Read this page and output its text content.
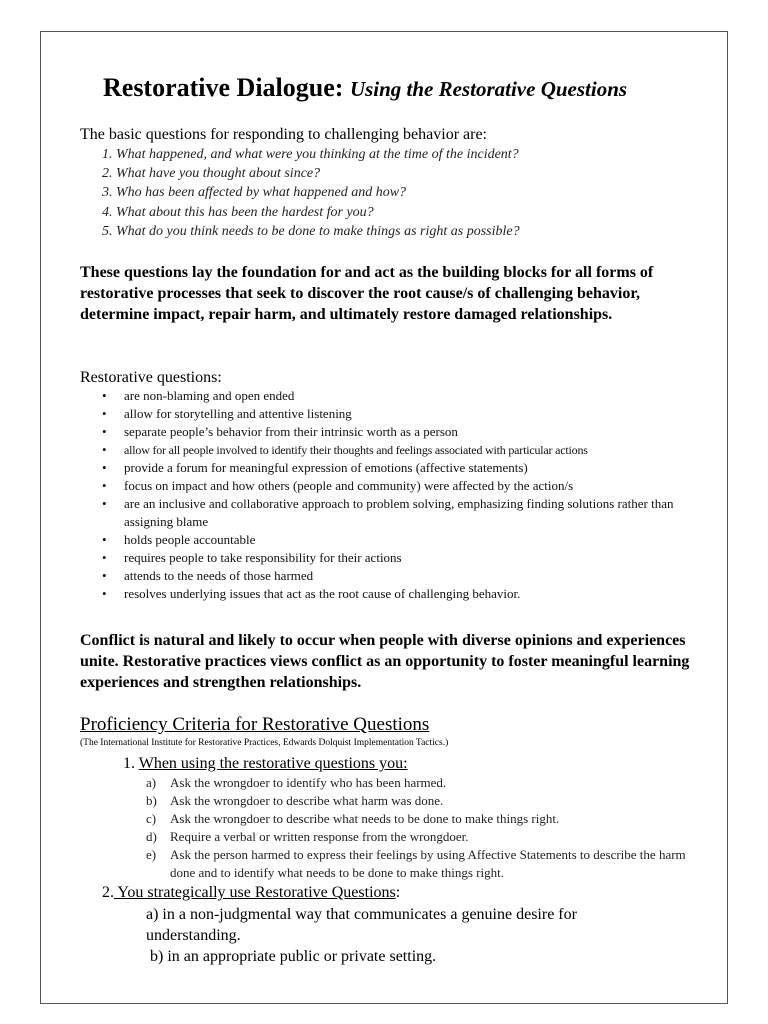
Restorative Dialogue: Using the Restorative Questions
The basic questions for responding to challenging behavior are:
1. What happened, and what were you thinking at the time of the incident?
2. What have you thought about since?
3. Who has been affected by what happened and how?
4. What about this has been the hardest for you?
5. What do you think needs to be done to make things as right as possible?
These questions lay the foundation for and act as the building blocks for all forms of restorative processes that seek to discover the root cause/s of challenging behavior, determine impact, repair harm, and ultimately restore damaged relationships.
Restorative questions:
• are non-blaming and open ended
• allow for storytelling and attentive listening
• separate people’s behavior from their intrinsic worth as a person
• allow for all people involved to identify their thoughts and feelings associated with particular actions
• provide a forum for meaningful expression of emotions (affective statements)
• focus on impact and how others (people and community) were affected by the action/s
• are an inclusive and collaborative approach to problem solving, emphasizing finding solutions rather than assigning blame
• holds people accountable
• requires people to take responsibility for their actions
• attends to the needs of those harmed
• resolves underlying issues that act as the root cause of challenging behavior.
Conflict is natural and likely to occur when people with diverse opinions and experiences unite. Restorative practices views conflict as an opportunity to foster meaningful learning experiences and strengthen relationships.
Proficiency Criteria for Restorative Questions
(The International Institute for Restorative Practices, Edwards Dolquist Implementation Tactics.)
1. When using the restorative questions you:
a) Ask the wrongdoer to identify who has been harmed.
b) Ask the wrongdoer to describe what harm was done.
c) Ask the wrongdoer to describe what needs to be done to make things right.
d) Require a verbal or written response from the wrongdoer.
e) Ask the person harmed to express their feelings by using Affective Statements to describe the harm done and to identify what needs to be done to make things right.
2. You strategically use Restorative Questions:
a) in a non-judgmental way that communicates a genuine desire for understanding.
b) in an appropriate public or private setting.
